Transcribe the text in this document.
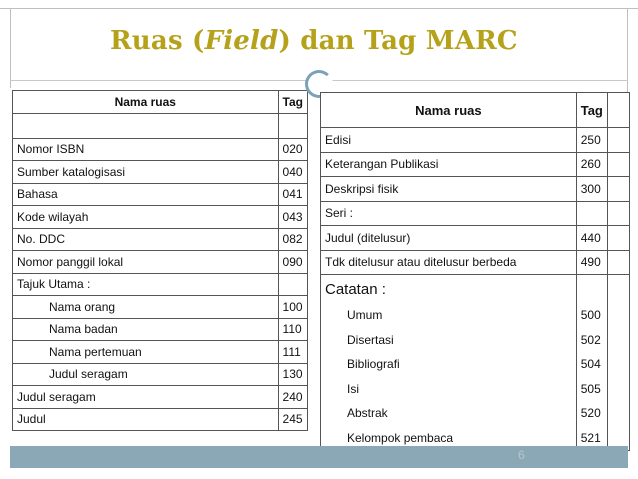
Ruas (Field) dan Tag MARC
Nama ruas	Tag

Nomor ISBN	020
Sumber katalogisasi	040
Bahasa	041
Kode wilayah	043
No. DDC	082
Nomor panggil lokal	090
Tajuk Utama :	
Nama orang	100
Nama badan	110
Nama pertemuan	111
Judul seragam	130
Judul seragam	240
Judul	245
Nama ruas	Tag	
Edisi	250	
Keterangan Publikasi	260	
Deskripsi fisik	300	
Seri :		
Judul (ditelusur)	440	
Tdk ditelusur atau ditelusur berbeda	490	
Catatan :		
Umum	500	
Disertasi	502	
Bibliografi	504	
Isi	505	
Abstrak	520	
Kelompok pembaca	521	
6
